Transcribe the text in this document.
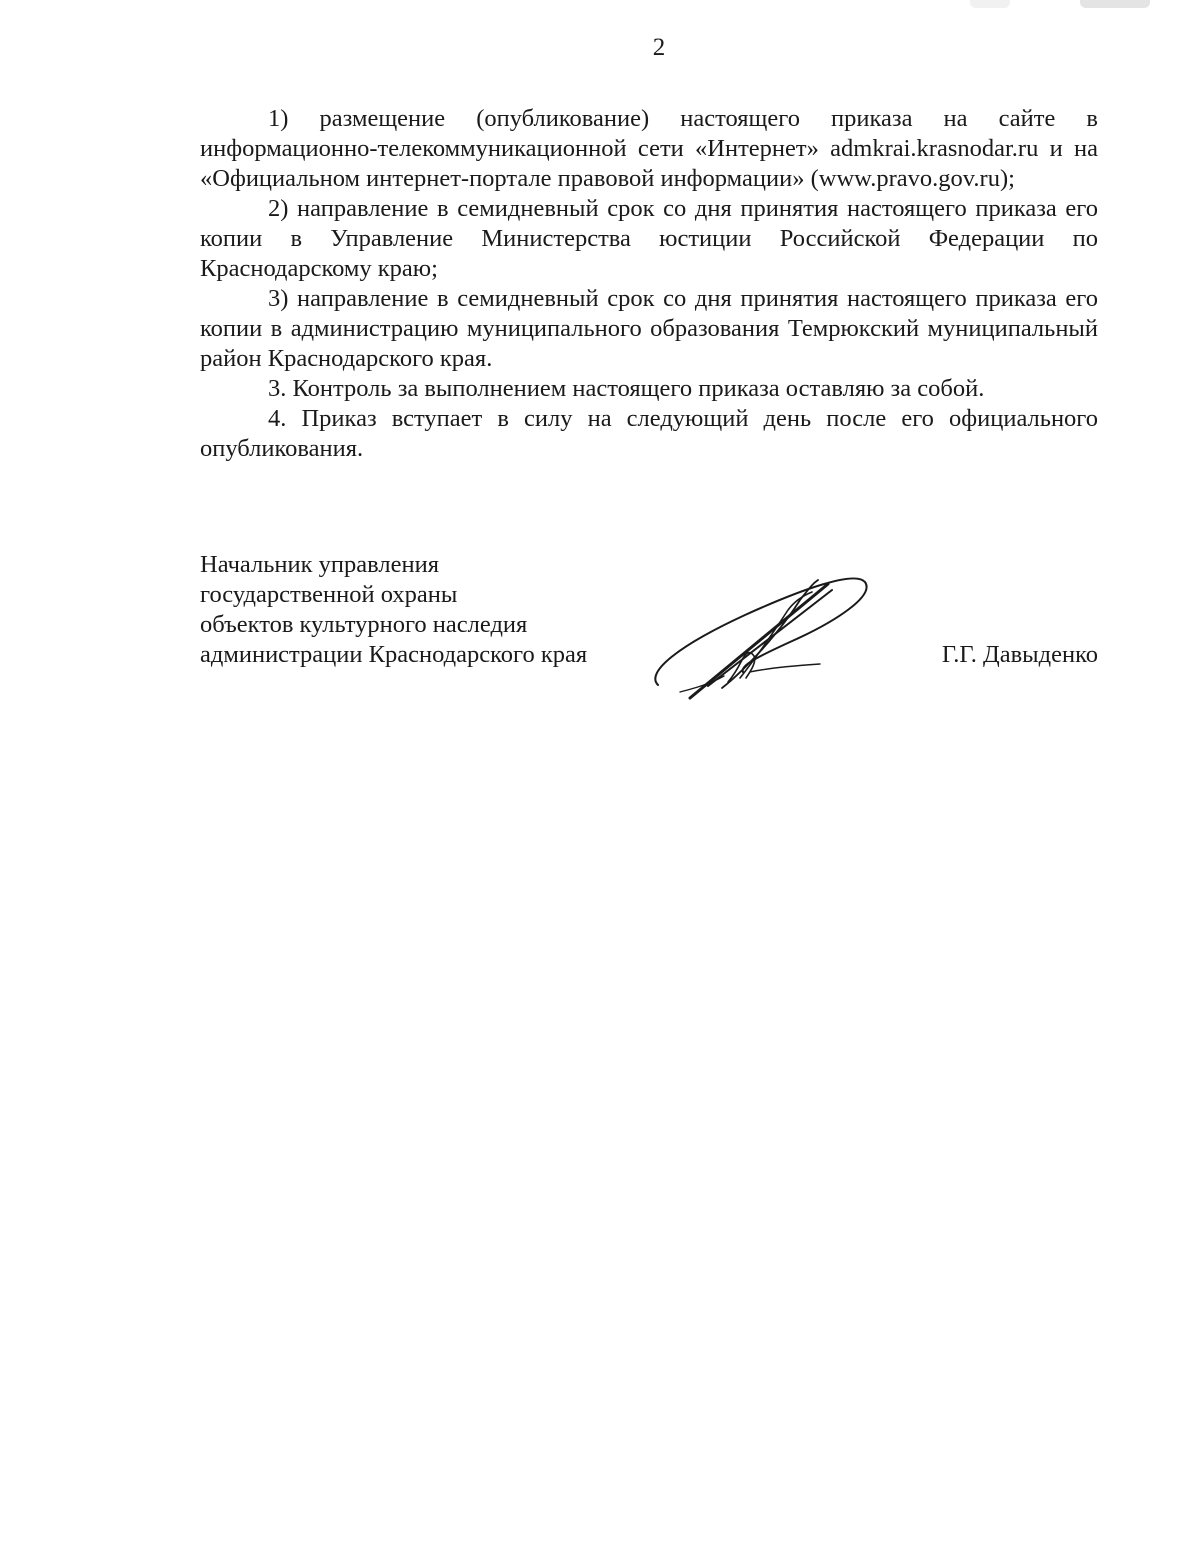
2

1) размещение (опубликование) настоящего приказа на сайте в информационно-телекоммуникационной сети «Интернет» admkrai.krasnodar.ru и на «Официальном интернет-портале правовой информации» (www.pravo.gov.ru);

2) направление в семидневный срок со дня принятия настоящего приказа его копии в Управление Министерства юстиции Российской Федерации по Краснодарскому краю;

3) направление в семидневный срок со дня принятия настоящего приказа его копии в администрацию муниципального образования Темрюкский муниципальный район Краснодарского края.

3. Контроль за выполнением настоящего приказа оставляю за собой.

4. Приказ вступает в силу на следующий день после его официального опубликования.

Начальник управления
государственной охраны
объектов культурного наследия
администрации Краснодарского края	Г.Г. Давыденко
